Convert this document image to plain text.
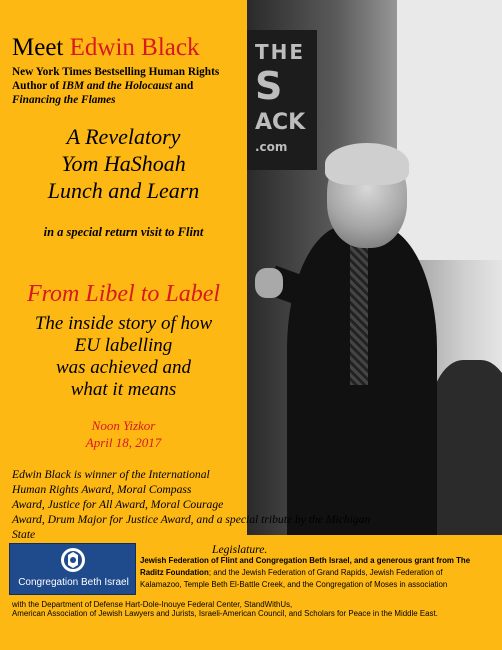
THE
S
ACK
.com
Meet Edwin Black
New York Times Bestselling Human Rights
Author of IBM and the Holocaust and
Financing the Flames
A Revelatory
Yom HaShoah
Lunch and Learn
in a special return visit to Flint
From Libel to Label
The inside story of how
EU labelling
was achieved and
what it means
Noon Yizkor
April 18, 2017
Edwin Black is winner of the International
Human Rights Award, Moral Compass
Award, Justice for All Award, Moral Courage
Award, Drum Major for Justice Award, and a special tribute by the Michigan State
Legislature.
Congregation Beth Israel
Jewish Federation of Flint and Congregation Beth Israel, and a generous grant from The
Raditz Foundation; and the Jewish Federation of Grand Rapids, Jewish Federation of
Kalamazoo, Temple Beth El-Battle Creek, and the Congregation of Moses in association
with the Department of Defense Hart-Dole-Inouye Federal Center, StandWithUs,
American Association of Jewish Lawyers and Jurists, Israeli-American Council, and Scholars for Peace in the Middle East.
